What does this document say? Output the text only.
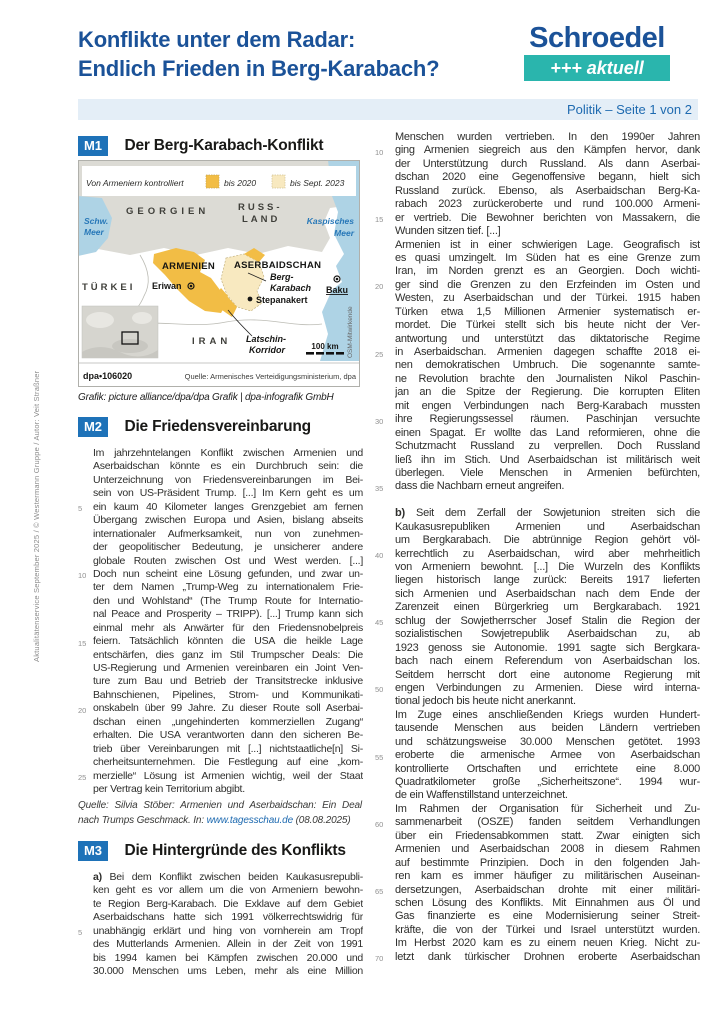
Aktualitätenservice September 2025 / © Westermann Gruppe / Autor: Veit Straßner
Konflikte unter dem Radar:
Endlich Frieden in Berg-Karabach?
Schroedel
+++ aktuell
Politik – Seite 1 von 2
M1 Der Berg-Karabach-Konflikt
Von Armeniern kontrolliert	bis 2020	bis Sept. 2023
Schw.
Meer
Kaspisches
Meer
GEORGIEN	RUSS-
LAND
TÜRKEI
IRAN
ARMENIEN ASERBAIDSCHAN
Eriwan	Baku
Stepanakert
Berg-
Karabach
Latschin-
Korridor	100 km OSM-Mitwirkende
dpa•106020	Quelle: Armenisches Verteidigungsministerium, dpa
Grafik: picture alliance/dpa/dpa Grafik | dpa-infografik GmbH
M2 Die Friedensvereinbarung
Im jahrzehntelangen Konflikt zwischen Armenien und
Aserbaidschan könnte es ein Durchbruch sein: die
Unterzeichnung von Friedensvereinbarungen im Bei-
sein von US-Präsident Trump. [...] Im Kern geht es um
5 ein kaum 40 Kilometer langes Grenzgebiet am fernen
Übergang zwischen Europa und Asien, bislang abseits
internationaler Aufmerksamkeit, nun von zunehmen-
der geopolitischer Bedeutung, je unsicherer andere
globale Routen zwischen Ost und West werden. [...]
10 Doch nun scheint eine Lösung gefunden, und zwar un-
ter dem Namen „Trump-Weg zu internationalem Frie-
den und Wohlstand“ (The Trump Route for Internatio-
nal Peace and Prosperity – TRIPP). [...] Trump kann sich
einmal mehr als Anwärter für den Friedensnobelpreis
15 feiern. Tatsächlich könnten die USA die heikle Lage
entschärfen, dies ganz im Stil Trumpscher Deals: Die
US-Regierung und Armenien vereinbaren ein Joint Ven-
ture zum Bau und Betrieb der Transitstrecke inklusive
Bahnschienen, Pipelines, Strom- und Kommunikati-
20 onskabeln über 99 Jahre. Zu dieser Route soll Aserbai-
dschan einen „ungehinderten kommerziellen Zugang“
erhalten. Die USA verantworten dann den sicheren Be-
trieb über Vereinbarungen mit [...] nichtstaatliche[n] Si-
cherheitsunternehmen. Die Festlegung auf eine „kom-
25 merzielle“ Lösung ist Armenien wichtig, weil der Staat
per Vertrag kein Territorium abgibt.

Quelle: Silvia Stöber: Armenien und Aserbaidschan: Ein Deal nach Trumps Geschmack. In: www.tagesschau.de (08.08.2025)

M3 Die Hintergründe des Konflikts
a) Bei dem Konflikt zwischen beiden Kaukasusrepubli-
ken geht es vor allem um die von Armeniern bewohn-
te Region Berg-Karabach. Die Exklave auf dem Gebiet
Aserbaidschans hatte sich 1991 völkerrechtswidrig für
5 unabhängig erklärt und hing von vornherein am Tropf
des Mutterlands Armenien. Allein in der Zeit von 1991
bis 1994 kamen bei Kämpfen zwischen 20.000 und
30.000 Menschen ums Leben, mehr als eine Million
Menschen wurden vertrieben. In den 1990er Jahren
10 ging Armenien siegreich aus den Kämpfen hervor, dank
der Unterstützung durch Russland. Als dann Aserbai-
dschan 2020 eine Gegenoffensive begann, hielt sich
Russland zurück. Ebenso, als Aserbaidschan Berg-Ka-
rabach 2023 zurückeroberte und rund 100.000 Armeni-
15 er vertrieb. Die Bewohner berichten von Massakern, die
Wunden sitzen tief. [...]
Armenien ist in einer schwierigen Lage. Geografisch ist
es quasi umzingelt. Im Süden hat es eine Grenze zum
Iran, im Norden grenzt es an Georgien. Doch wichti-
20 ger sind die Grenzen zu den Erzfeinden im Osten und
Westen, zu Aserbaidschan und der Türkei. 1915 haben
Türken etwa 1,5 Millionen Armenier systematisch er-
mordet. Die Türkei stellt sich bis heute nicht der Ver-
antwortung und unterstützt das diktatorische Regime
25 in Aserbaidschan. Armenien dagegen schaffte 2018 ei-
nen demokratischen Umbruch. Die sogenannte samte-
ne Revolution brachte den Journalisten Nikol Paschin-
jan an die Spitze der Regierung. Die korrupten Eliten
mit engen Verbindungen nach Berg-Karabach mussten
30 ihre Regierungssessel räumen. Paschinjan versuchte
einen Spagat. Er wollte das Land reformieren, ohne die
Schutzmacht Russland zu verprellen. Doch Russland
ließ ihn im Stich. Und Aserbaidschan ist militärisch weit
überlegen. Viele Menschen in Armenien befürchten,
35 dass die Nachbarn erneut angreifen.
b) Seit dem Zerfall der Sowjetunion streiten sich die
Kaukasusrepubliken Armenien und Aserbaidschan
um Bergkarabach. Die abtrünnige Region gehört völ-
40 kerrechtlich zu Aserbaidschan, wird aber mehrheitlich
von Armeniern bewohnt. [...] Die Wurzeln des Konflikts
liegen historisch lange zurück: Bereits 1917 lieferten
sich Armenien und Aserbaidschan nach dem Ende der
Zarenzeit einen Bürgerkrieg um Bergkarabach. 1921
45 schlug der Sowjetherrscher Josef Stalin die Region der
sozialistischen Sowjetrepublik Aserbaidschan zu, ab
1923 genoss sie Autonomie. 1991 sagte sich Bergkara-
bach nach einem Referendum von Aserbaidschan los.
Seitdem herrscht dort eine autonome Regierung mit
50 engen Verbindungen zu Armenien. Diese wird interna-
tional jedoch bis heute nicht anerkannt.
Im Zuge eines anschließenden Kriegs wurden Hundert-
tausende Menschen aus beiden Ländern vertrieben
und schätzungsweise 30.000 Menschen getötet. 1993
55 eroberte die armenische Armee von Aserbaidschan
kontrollierte Ortschaften und errichtete eine 8.000
Quadratkilometer große „Sicherheitszone“. 1994 wur-
de ein Waffenstillstand unterzeichnet.
Im Rahmen der Organisation für Sicherheit und Zu-
60 sammenarbeit (OSZE) fanden seitdem Verhandlungen
über ein Friedensabkommen statt. Zwar einigten sich
Armenien und Aserbaidschan 2008 in diesem Rahmen
auf bestimmte Prinzipien. Doch in den folgenden Jah-
ren kam es immer häufiger zu militärischen Auseinan-
65 dersetzungen, Aserbaidschan drohte mit einer militäri-
schen Lösung des Konflikts. Mit Einnahmen aus Öl und
Gas finanzierte es eine Modernisierung seiner Streit-
kräfte, die von der Türkei und Israel unterstützt wurden.
Im Herbst 2020 kam es zu einem neuen Krieg. Nicht zu-
70 letzt dank türkischer Drohnen eroberte Aserbaidschan
